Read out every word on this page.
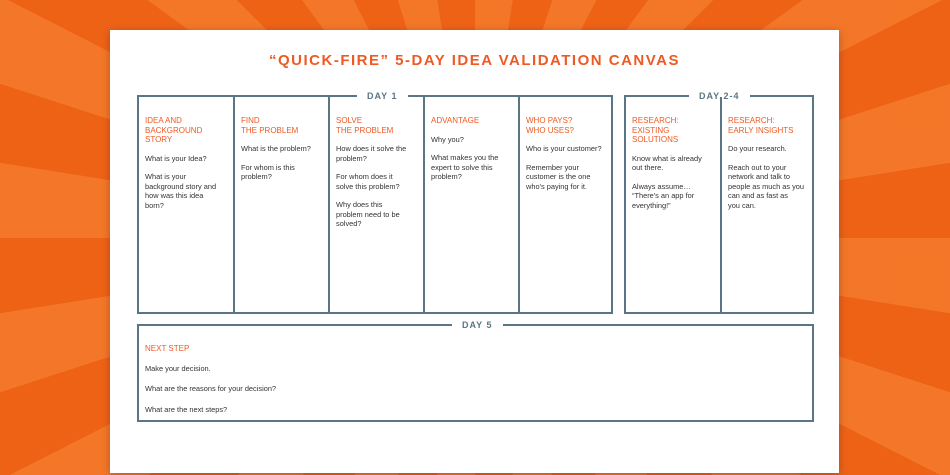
“QUICK-FIRE” 5-DAY IDEA VALIDATION CANVAS
DAY 1
IDEA AND
BACKGROUND
STORY

What is your Idea?

What is your
background story and
how was this idea
born?

FIND
THE PROBLEM

What is the problem?

For whom is this
problem?

SOLVE
THE PROBLEM

How does it solve the
problem?

For whom does it
solve this problem?

Why does this
problem need to be
solved?

ADVANTAGE

Why you?

What makes you the
expert to solve this
problem?

WHO PAYS?
WHO USES?

Who is your customer?

Remember your
customer is the one
who's paying for it.

DAY 2-4
RESEARCH:
EXISTING
SOLUTIONS

Know what is already
out there.

Always assume…
“There's an app for
everything!”

RESEARCH:
EARLY INSIGHTS

Do your research.

Reach out to your
network and talk to
people as much as you
can and as fast as
you can.

DAY 5
NEXT STEP

Make your decision.

What are the reasons for your decision?

What are the next steps?
